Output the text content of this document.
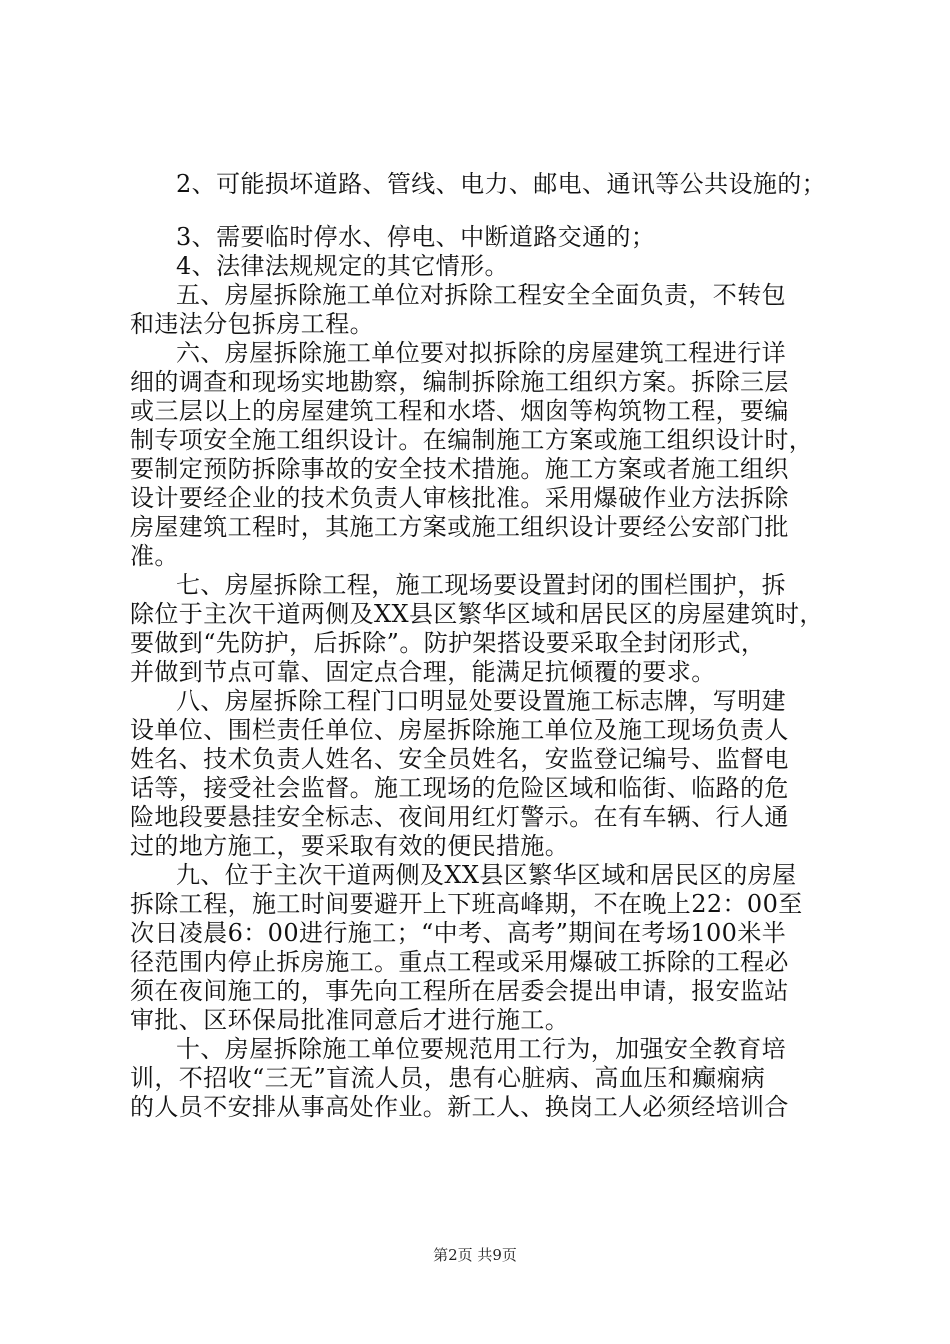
2、可能损坏道路、管线、电力、邮电、通讯等公共设施的；
3、需要临时停水、停电、中断道路交通的；
4、法律法规规定的其它情形。
五、房屋拆除施工单位对拆除工程安全全面负责，不转包
和违法分包拆房工程。
六、房屋拆除施工单位要对拟拆除的房屋建筑工程进行详
细的调查和现场实地勘察，编制拆除施工组织方案。拆除三层
或三层以上的房屋建筑工程和水塔、烟囱等构筑物工程，要编
制专项安全施工组织设计。在编制施工方案或施工组织设计时，
要制定预防拆除事故的安全技术措施。施工方案或者施工组织
设计要经企业的技术负责人审核批准。采用爆破作业方法拆除
房屋建筑工程时，其施工方案或施工组织设计要经公安部门批
准。
七、房屋拆除工程，施工现场要设置封闭的围栏围护，拆
除位于主次干道两侧及XX县区繁华区域和居民区的房屋建筑时，
要做到“先防护，后拆除”。防护架搭设要采取全封闭形式，
并做到节点可靠、固定点合理，能满足抗倾覆的要求。
八、房屋拆除工程门口明显处要设置施工标志牌，写明建
设单位、围栏责任单位、房屋拆除施工单位及施工现场负责人
姓名、技术负责人姓名、安全员姓名，安监登记编号、监督电
话等，接受社会监督。施工现场的危险区域和临街、临路的危
险地段要悬挂安全标志、夜间用红灯警示。在有车辆、行人通
过的地方施工，要采取有效的便民措施。
九、位于主次干道两侧及XX县区繁华区域和居民区的房屋
拆除工程，施工时间要避开上下班高峰期，不在晚上22：00至
次日凌晨6：00进行施工；“中考、高考”期间在考场100米半
径范围内停止拆房施工。重点工程或采用爆破工拆除的工程必
须在夜间施工的，事先向工程所在居委会提出申请，报安监站
审批、区环保局批准同意后才进行施工。
十、房屋拆除施工单位要规范用工行为，加强安全教育培
训，不招收“三无”盲流人员，患有心脏病、高血压和癫痫病
的人员不安排从事高处作业。新工人、换岗工人必须经培训合
第2页 共9页
